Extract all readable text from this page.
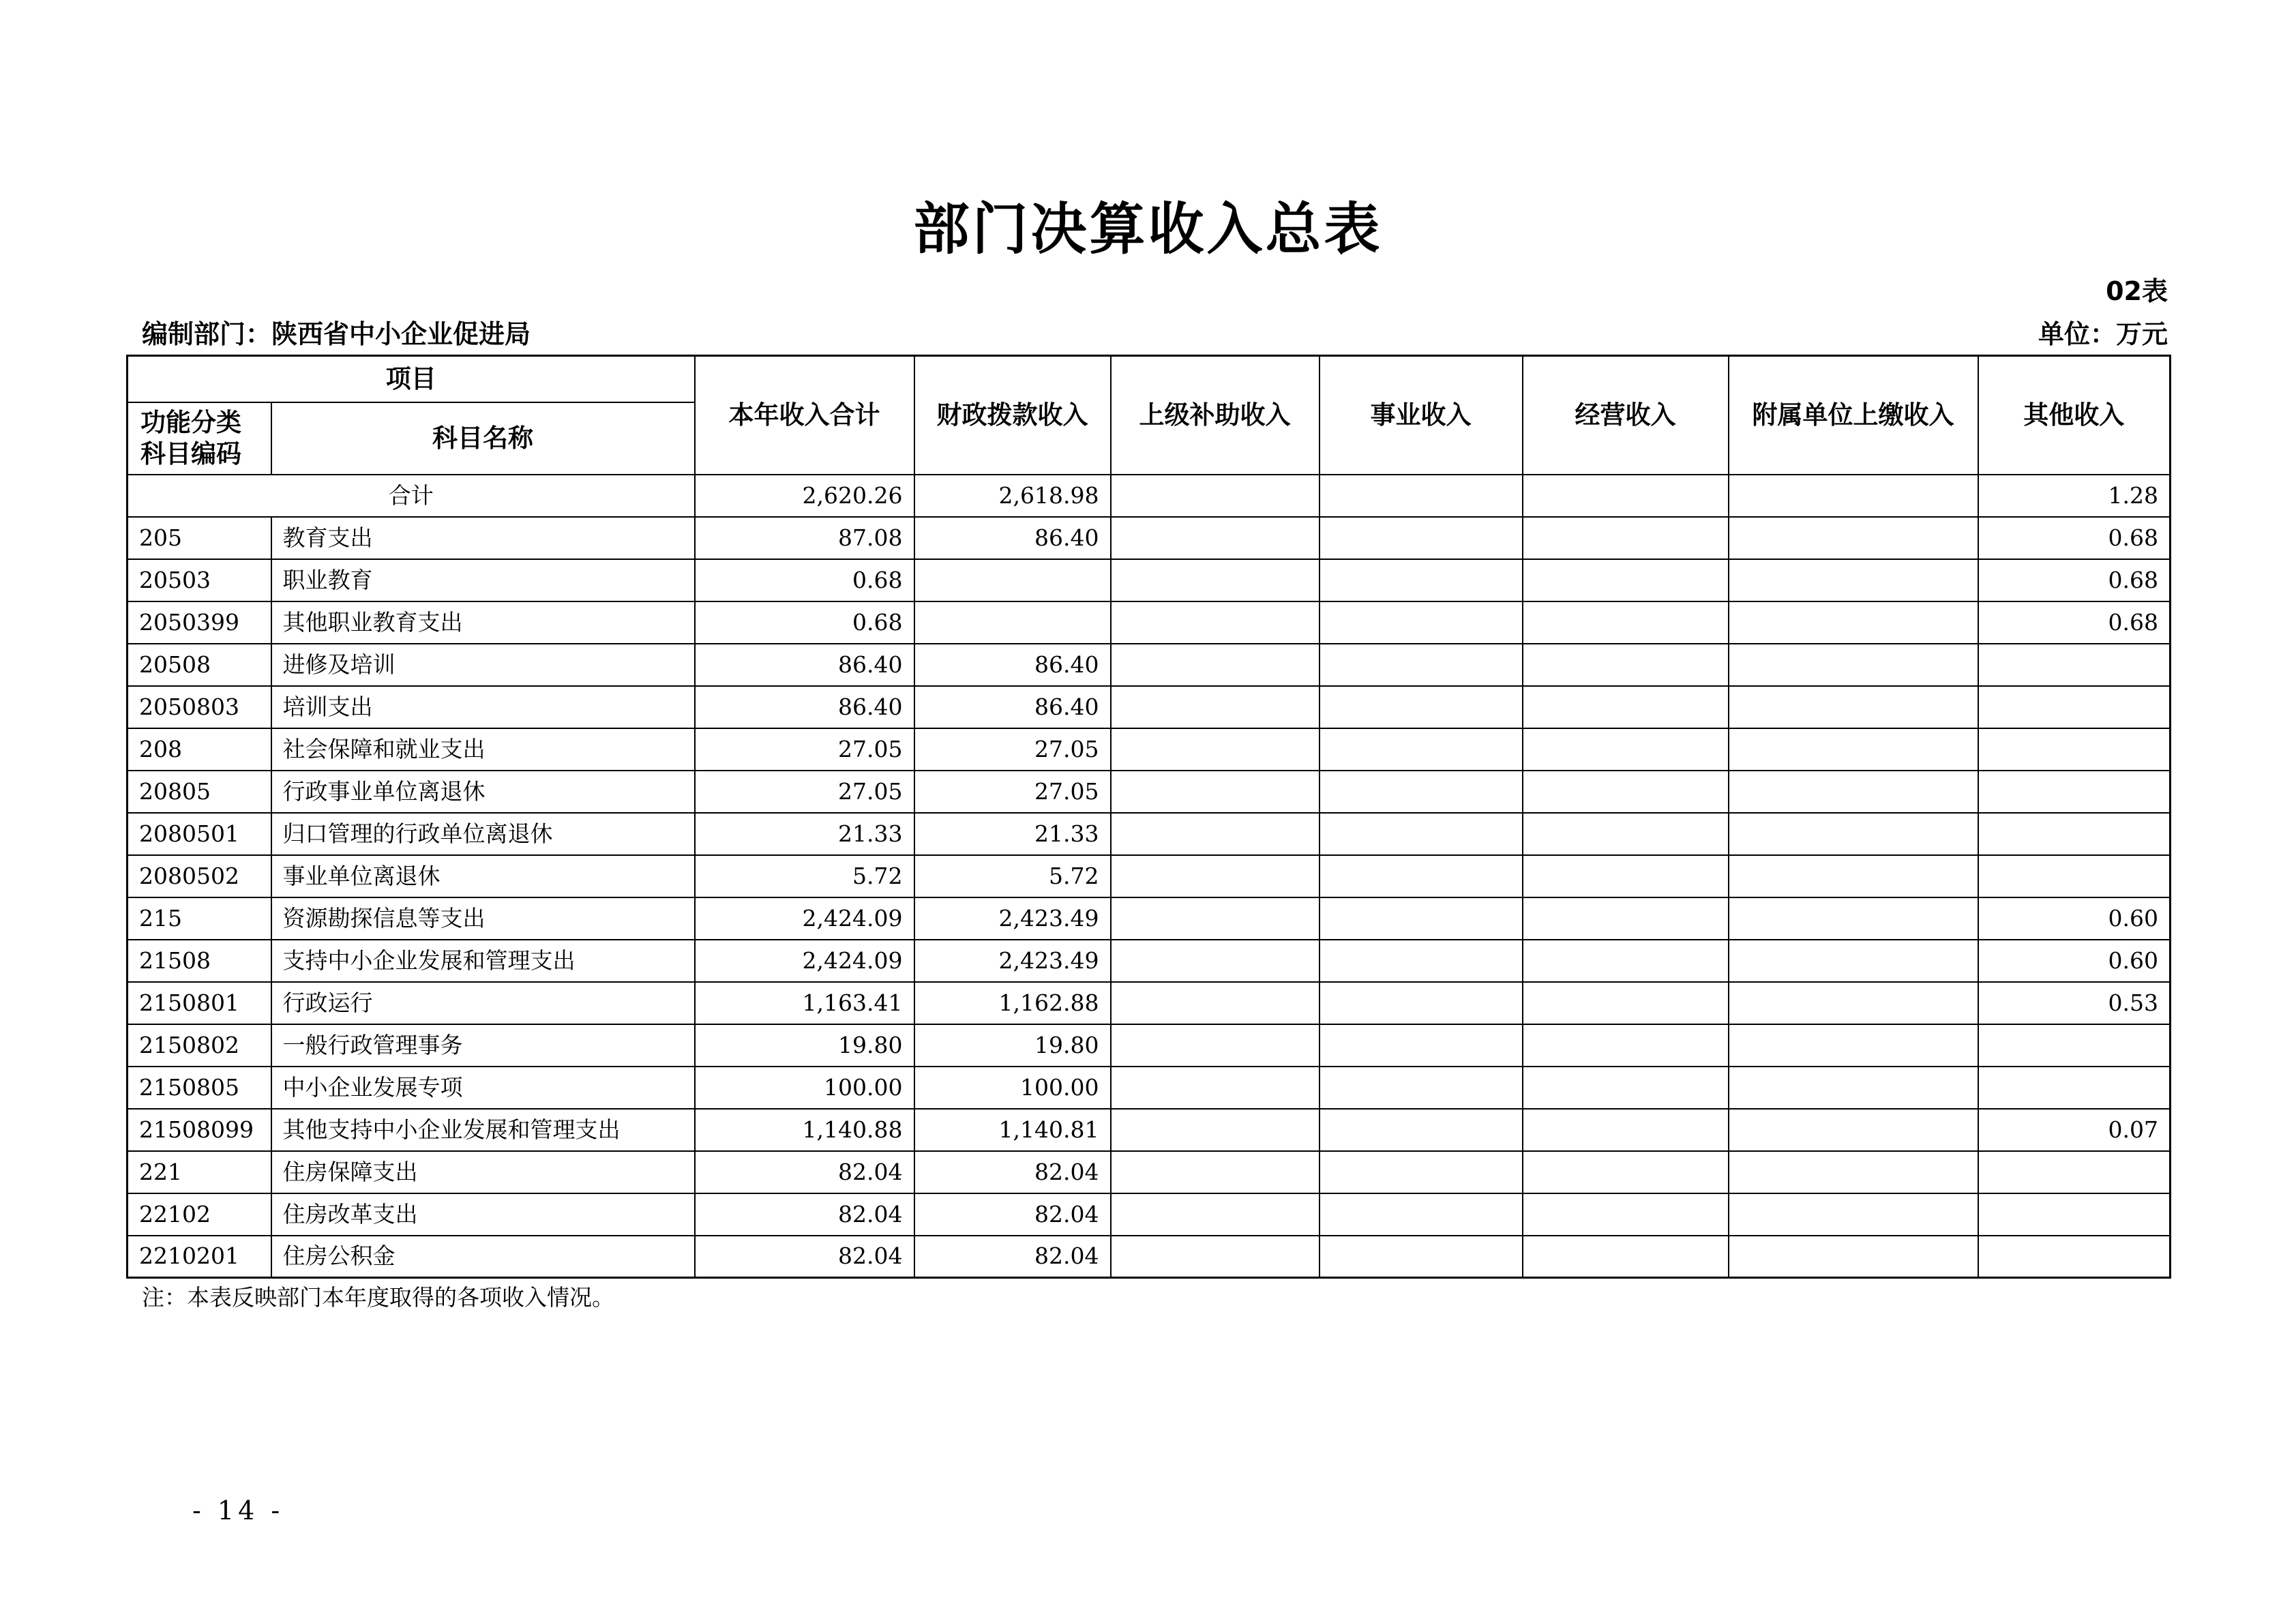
部门决算收入总表
02表
编制部门：陕西省中小企业促进局	单位：万元
项目		本年收入合计	财政拨款收入	上级补助收入	事业收入	经营收入	附属单位上缴收入	其他收入
功能分类
科目编码	科目名称							
合计		2,620.26	2,618.98					1.28
205	教育支出	87.08	86.40					0.68
20503	职业教育	0.68						0.68
2050399	其他职业教育支出	0.68						0.68
20508	进修及培训	86.40	86.40					
2050803	培训支出	86.40	86.40					
208	社会保障和就业支出	27.05	27.05					
20805	行政事业单位离退休	27.05	27.05					
2080501	归口管理的行政单位离退休	21.33	21.33					
2080502	事业单位离退休	5.72	5.72					
215	资源勘探信息等支出	2,424.09	2,423.49					0.60
21508	支持中小企业发展和管理支出	2,424.09	2,423.49					0.60
2150801	行政运行	1,163.41	1,162.88					0.53
2150802	一般行政管理事务	19.80	19.80					
2150805	中小企业发展专项	100.00	100.00					
21508099	其他支持中小企业发展和管理支出	1,140.88	1,140.81					0.07
221	住房保障支出	82.04	82.04					
22102	住房改革支出	82.04	82.04					
2210201	住房公积金	82.04	82.04					
注：本表反映部门本年度取得的各项收入情况。
- 14 -
